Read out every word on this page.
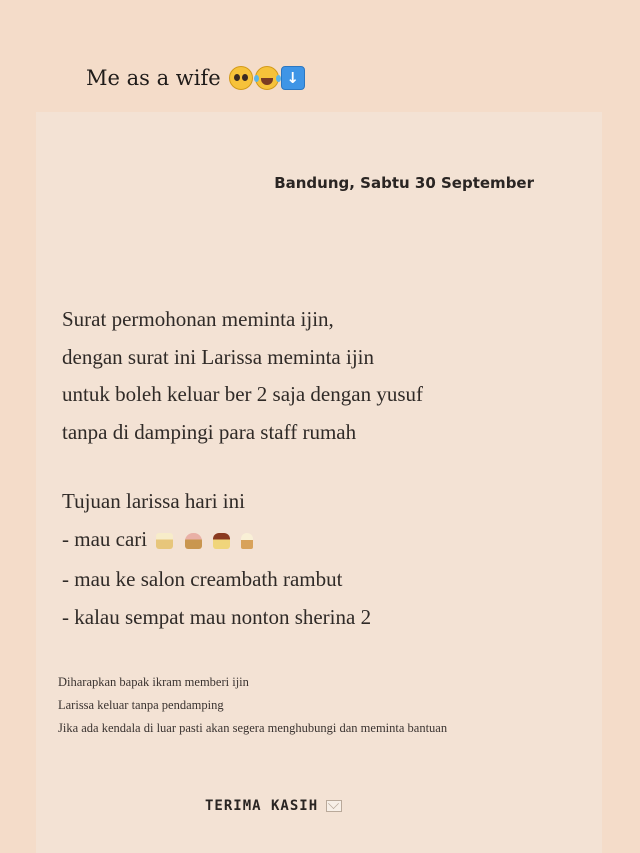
Me as a wife	↓
Bandung, Sabtu 30 September
Surat permohonan meminta ijin,
dengan surat ini Larissa meminta ijin
untuk boleh keluar ber 2 saja dengan yusuf
tanpa di dampingi para staff rumah
Tujuan larissa hari ini
- mau cari
- mau ke salon creambath rambut
- kalau sempat mau nonton sherina 2
Diharapkan bapak ikram memberi ijin
Larissa keluar tanpa pendamping
Jika ada kendala di luar pasti akan segera menghubungi dan meminta bantuan
TERIMA KASIH
